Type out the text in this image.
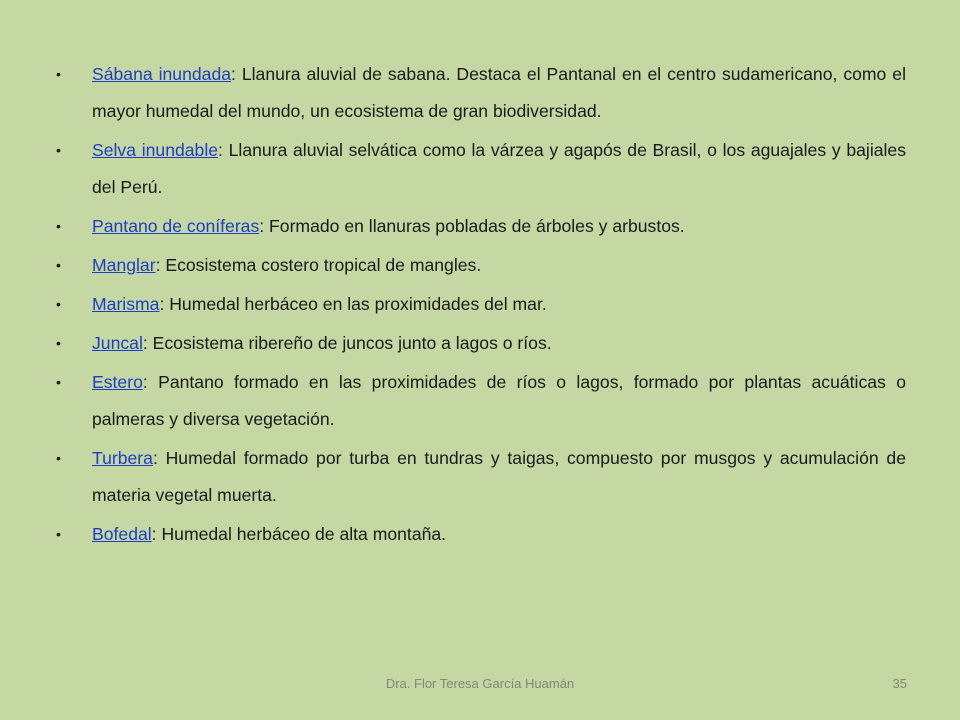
•	Sábana inundada: Llanura aluvial de sabana. Destaca el Pantanal en el centro sudamericano, como el mayor humedal del mundo, un ecosistema de gran biodiversidad.
•	Selva inundable: Llanura aluvial selvática como la várzea y agapós de Brasil, o los aguajales y bajiales del Perú.
•	Pantano de coníferas: Formado en llanuras pobladas de árboles y arbustos.
•	Manglar: Ecosistema costero tropical de mangles.
•	Marisma: Humedal herbáceo en las proximidades del mar.
•	Juncal: Ecosistema ribereño de juncos junto a lagos o ríos.
•	Estero: Pantano formado en las proximidades de ríos o lagos, formado por plantas acuáticas o palmeras y diversa vegetación.
•	Turbera: Humedal formado por turba en tundras y taigas, compuesto por musgos y acumulación de materia vegetal muerta.
•	Bofedal: Humedal herbáceo de alta montaña.
Dra. Flor Teresa García Huamán	35
